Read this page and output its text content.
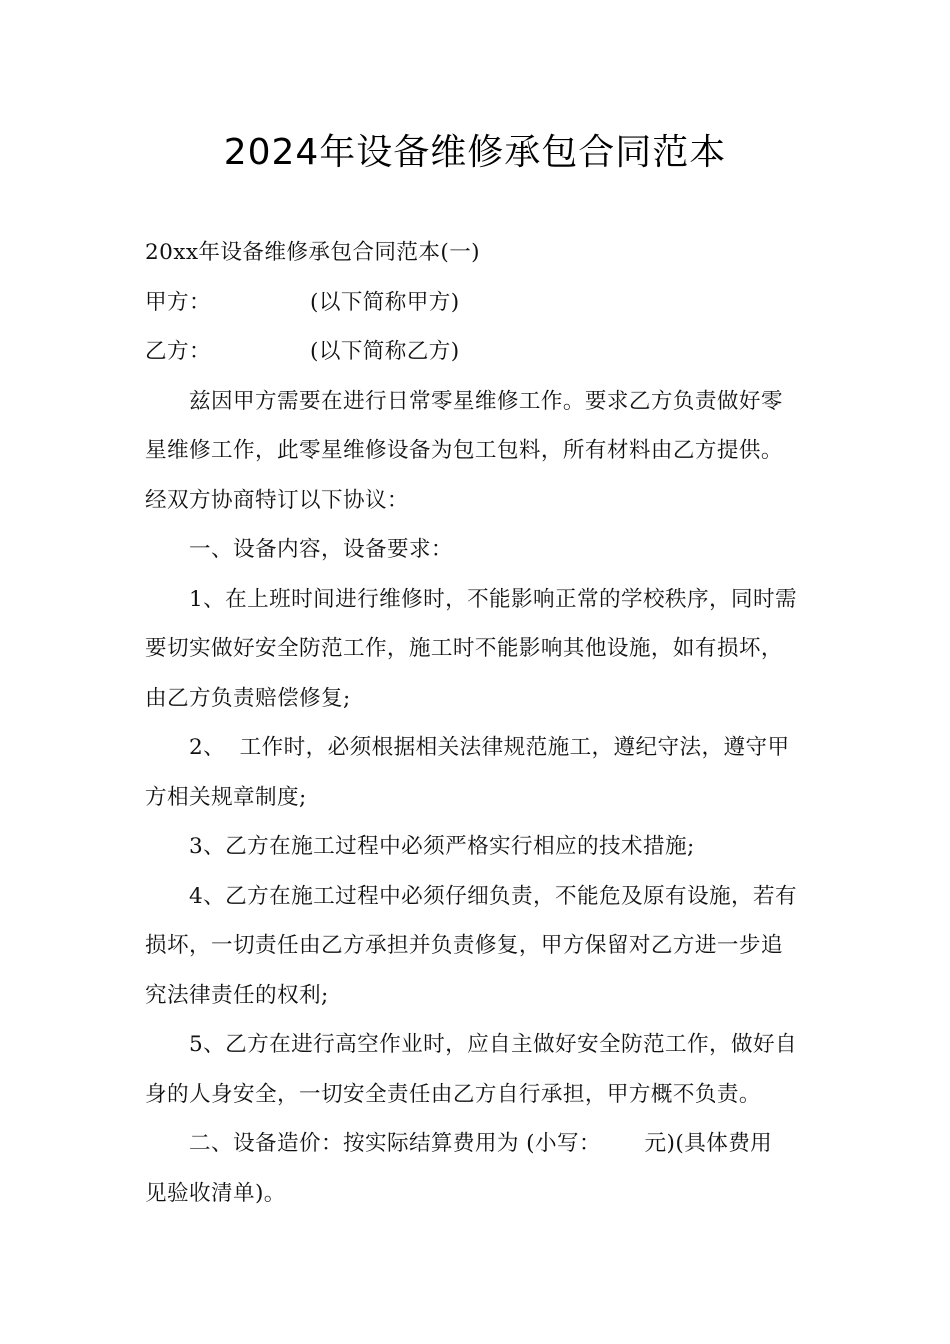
2024年设备维修承包合同范本

20xx年设备维修承包合同范本(一)

甲方：	(以下简称甲方)

乙方：	(以下简称乙方)

兹因甲方需要在进行日常零星维修工作。要求乙方负责做好零

星维修工作，此零星维修设备为包工包料，所有材料由乙方提供。

经双方协商特订以下协议：

一、设备内容，设备要求：

1、在上班时间进行维修时，不能影响正常的学校秩序，同时需

要切实做好安全防范工作，施工时不能影响其他设施，如有损坏，

由乙方负责赔偿修复;

2、  工作时，必须根据相关法律规范施工，遵纪守法，遵守甲

方相关规章制度;

3、乙方在施工过程中必须严格实行相应的技术措施;

4、乙方在施工过程中必须仔细负责，不能危及原有设施，若有

损坏，一切责任由乙方承担并负责修复，甲方保留对乙方进一步追

究法律责任的权利;

5、乙方在进行高空作业时，应自主做好安全防范工作，做好自

身的人身安全，一切安全责任由乙方自行承担，甲方概不负责。

二、设备造价：按实际结算费用为 (小写：      元)(具体费用

见验收清单)。
